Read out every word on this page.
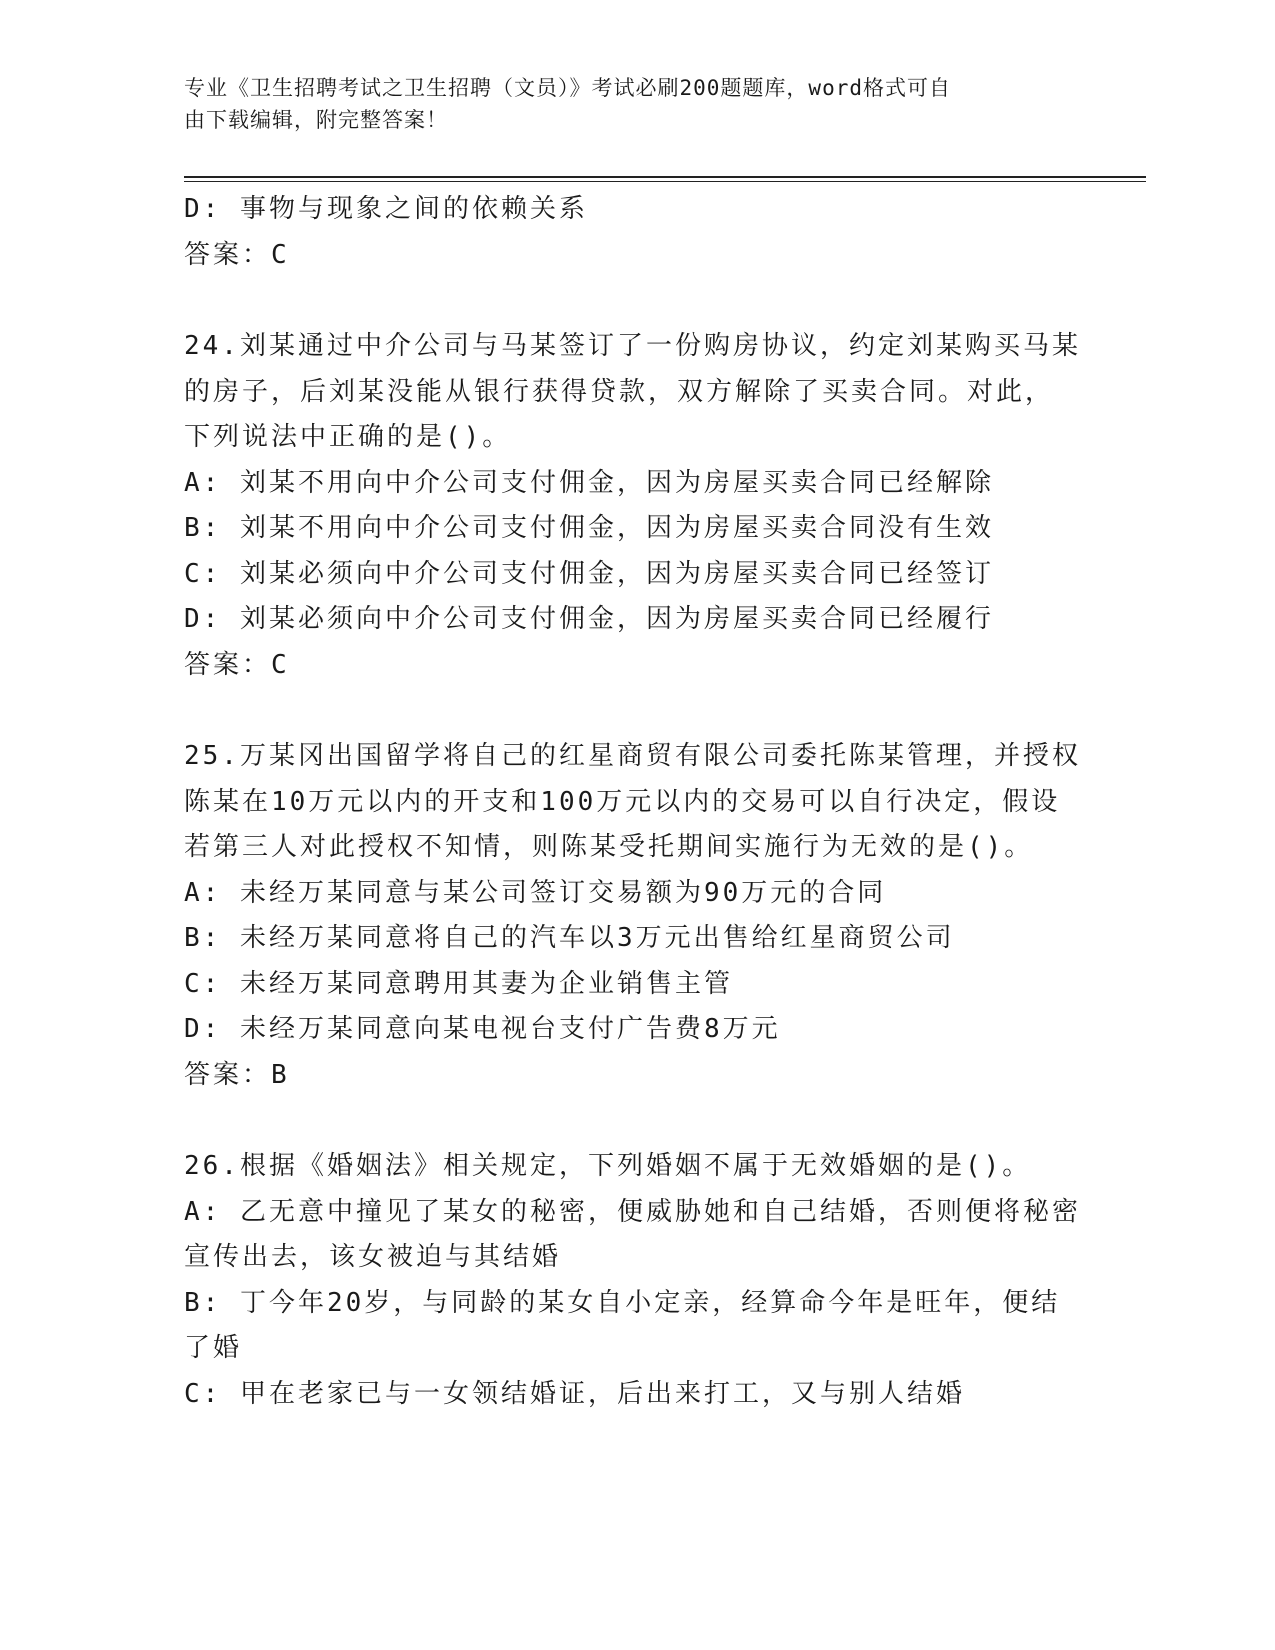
专业《卫生招聘考试之卫生招聘（文员）》考试必刷200题题库，word格式可自
由下载编辑，附完整答案！

D: 事物与现象之间的依赖关系

答案：C

24.刘某通过中介公司与马某签订了一份购房协议，约定刘某购买马某

的房子，后刘某没能从银行获得贷款，双方解除了买卖合同。对此，

下列说法中正确的是()。

A: 刘某不用向中介公司支付佣金，因为房屋买卖合同已经解除

B: 刘某不用向中介公司支付佣金，因为房屋买卖合同没有生效

C: 刘某必须向中介公司支付佣金，因为房屋买卖合同已经签订

D: 刘某必须向中介公司支付佣金，因为房屋买卖合同已经履行

答案：C

25.万某冈出国留学将自己的红星商贸有限公司委托陈某管理，并授权

陈某在10万元以内的开支和100万元以内的交易可以自行决定，假设

若第三人对此授权不知情，则陈某受托期间实施行为无效的是()。

A: 未经万某同意与某公司签订交易额为90万元的合同

B: 未经万某同意将自己的汽车以3万元出售给红星商贸公司

C: 未经万某同意聘用其妻为企业销售主管

D: 未经万某同意向某电视台支付广告费8万元

答案：B

26.根据《婚姻法》相关规定，下列婚姻不属于无效婚姻的是()。

A: 乙无意中撞见了某女的秘密，便威胁她和自己结婚，否则便将秘密

宣传出去，该女被迫与其结婚

B: 丁今年20岁，与同龄的某女自小定亲，经算命今年是旺年，便结

了婚

C: 甲在老家已与一女领结婚证，后出来打工，又与别人结婚
